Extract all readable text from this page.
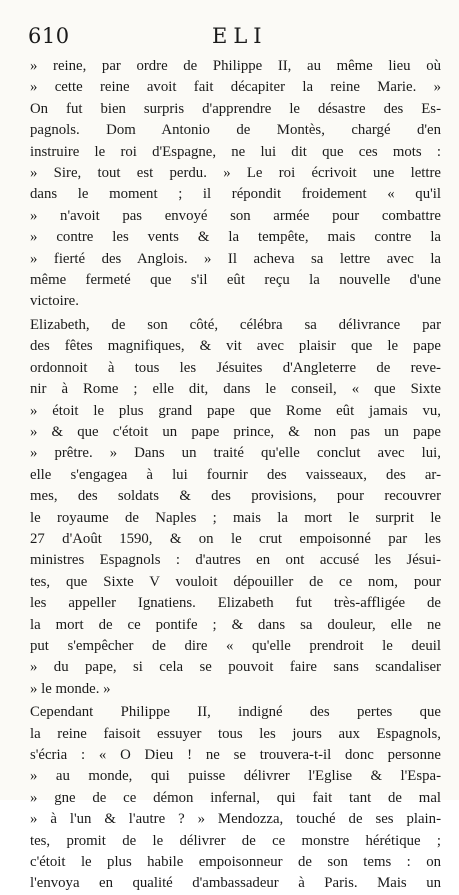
610	ELI
» reine, par ordre de Philippe II, au même lieu où
» cette reine avoit fait décapiter la reine Marie. »
On fut bien surpris d'apprendre le désastre des Es-
pagnols. Dom Antonio de Montès, chargé d'en
instruire le roi d'Espagne, ne lui dit que ces mots :
» Sire, tout est perdu. » Le roi écrivoit une lettre
dans le moment ; il répondit froidement « qu'il
» n'avoit pas envoyé son armée pour combattre
» contre les vents & la tempête, mais contre la
» fierté des Anglois. » Il acheva sa lettre avec la
même fermeté que s'il eût reçu la nouvelle d'une
victoire.
Elizabeth, de son côté, célébra sa délivrance par
des fêtes magnifiques, & vit avec plaisir que le pape
ordonnoit à tous les Jésuites d'Angleterre de reve-
nir à Rome ; elle dit, dans le conseil, « que Sixte
» étoit le plus grand pape que Rome eût jamais vu,
» & que c'étoit un pape prince, & non pas un pape
» prêtre. » Dans un traité qu'elle conclut avec lui,
elle s'engagea à lui fournir des vaisseaux, des ar-
mes, des soldats & des provisions, pour recouvrer
le royaume de Naples ; mais la mort le surprit le
27 d'Août 1590, & on le crut empoisonné par les
ministres Espagnols : d'autres en ont accusé les Jésui-
tes, que Sixte V vouloit dépouiller de ce nom, pour
les appeller Ignatiens. Elizabeth fut très-affligée de
la mort de ce pontife ; & dans sa douleur, elle ne
put s'empêcher de dire « qu'elle prendroit le deuil
» du pape, si cela se pouvoit faire sans scandaliser
» le monde. »
Cependant Philippe II, indigné des pertes que
la reine faisoit essuyer tous les jours aux Espagnols,
s'écria : « O Dieu ! ne se trouvera-t-il donc personne
» au monde, qui puisse délivrer l'Eglise & l'Espa-
» gne de ce démon infernal, qui fait tant de mal
» à l'un & l'autre ? » Mendozza, touché de ses plain-
tes, promit de le délivrer de ce monstre hérétique ;
c'étoit le plus habile empoisonneur de son tems : on
l'envoya en qualité d'ambassadeur à Paris. Mais un
